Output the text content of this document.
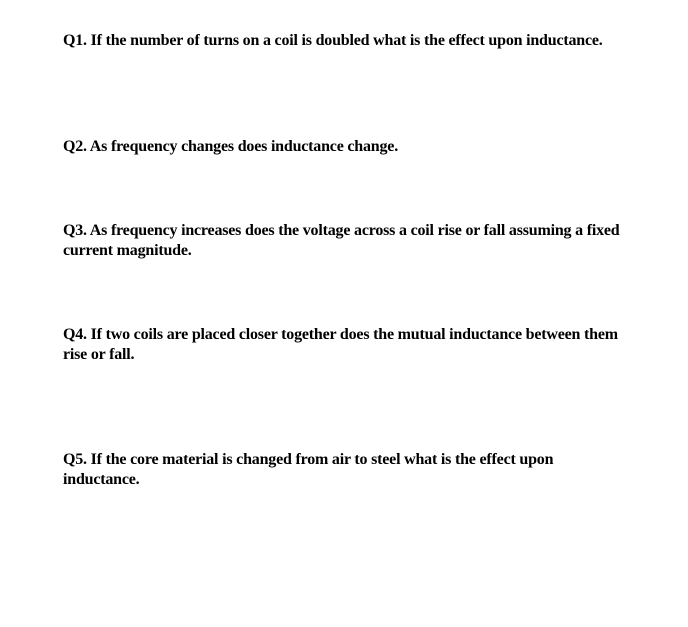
Q1. If the number of turns on a coil is doubled what is the effect upon inductance.

Q2. As frequency changes does inductance change.

Q3. As frequency increases does the voltage across a coil rise or fall assuming a fixed current magnitude.

Q4. If two coils are placed closer together does the mutual inductance between them rise or fall.

Q5. If the core material is changed from air to steel what is the effect upon inductance.
